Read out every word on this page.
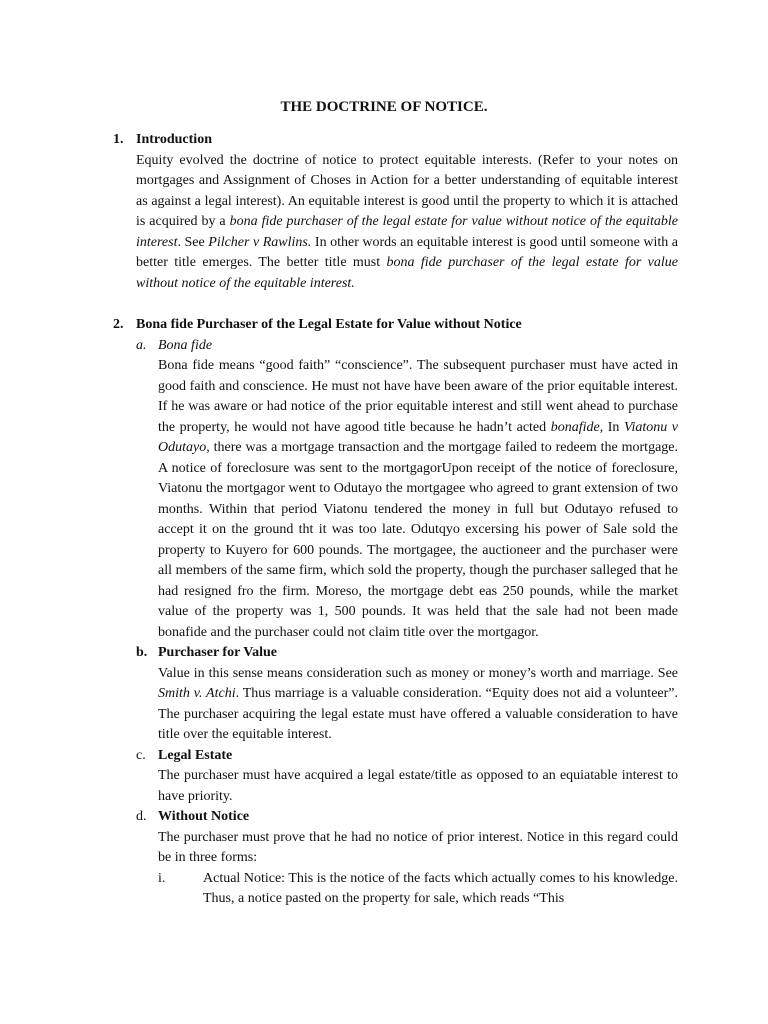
THE DOCTRINE OF NOTICE.
1. Introduction
Equity evolved the doctrine of notice to protect equitable interests. (Refer to your notes on mortgages and Assignment of Choses in Action for a better understanding of equitable interest as against a legal interest). An equitable interest is good until the property to which it is attached is acquired by a bona fide purchaser of the legal estate for value without notice of the equitable interest. See Pilcher v Rawlins. In other words an equitable interest is good until someone with a better title emerges. The better title must bona fide purchaser of the legal estate for value without notice of the equitable interest.
2. Bona fide Purchaser of the Legal Estate for Value without Notice
a. Bona fide
Bona fide means “good faith” “conscience”. The subsequent purchaser must have acted in good faith and conscience. He must not have have been aware of the prior equitable interest. If he was aware or had notice of the prior equitable interest and still went ahead to purchase the property, he would not have agood title because he hadn’t acted bonafide, In Viatonu v Odutayo, there was a mortgage transaction and the mortgage failed to redeem the mortgage. A notice of foreclosure was sent to the mortgagorUpon receipt of the notice of foreclosure, Viatonu the mortgagor went to Odutayo the mortgagee who agreed to grant extension of two months. Within that period Viatonu tendered the money in full but Odutayo refused to accept it on the ground tht it was too late. Odutqyo excersing his power of Sale sold the property to Kuyero for 600 pounds. The mortgagee, the auctioneer and the purchaser were all members of the same firm, which sold the property, though the purchaser salleged that he had resigned fro the firm. Moreso, the mortgage debt eas 250 pounds, while the market value of the property was 1, 500 pounds. It was held that the sale had not been made bonafide and the purchaser could not claim title over the mortgagor.
b. Purchaser for Value
Value in this sense means consideration such as money or money’s worth and marriage. See Smith v. Atchi. Thus marriage is a valuable consideration. “Equity does not aid a volunteer”. The purchaser acquiring the legal estate must have offered a valuable consideration to have title over the equitable interest.
c. Legal Estate
The purchaser must have acquired a legal estate/title as opposed to an equiatable interest to have priority.
d. Without Notice
The purchaser must prove that he had no notice of prior interest. Notice in this regard could be in three forms:
i.	Actual Notice: This is the notice of the facts which actually comes to his knowledge. Thus, a notice pasted on the property for sale, which reads “This
